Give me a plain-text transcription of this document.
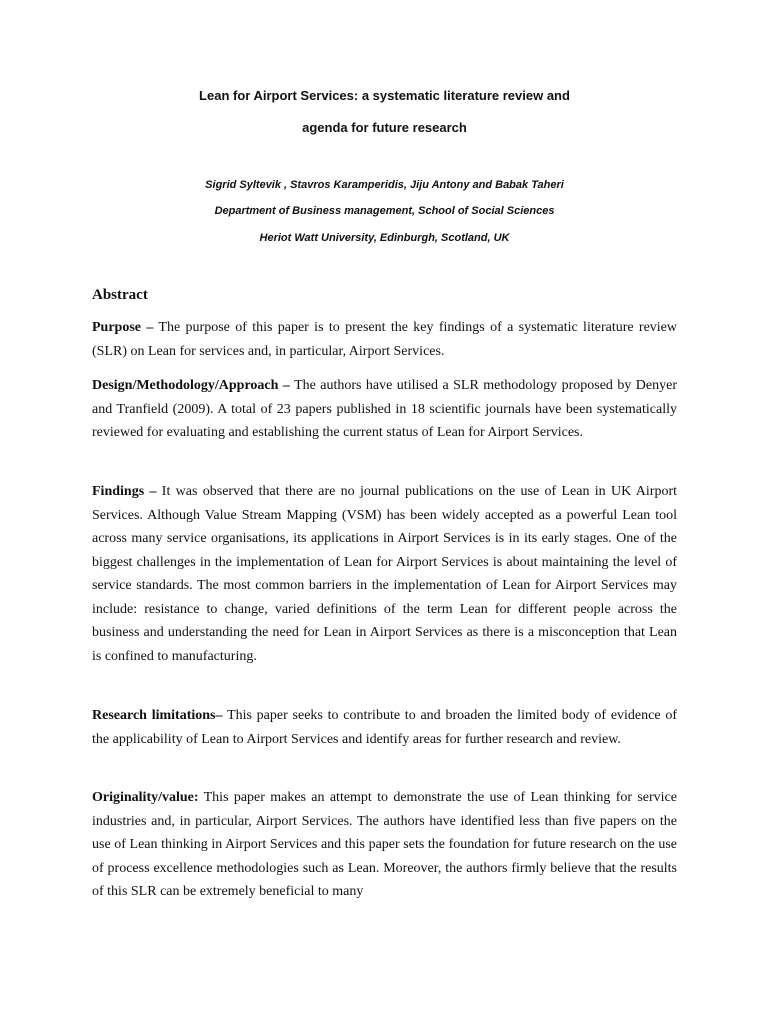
Lean for Airport Services: a systematic literature review and
agenda for future research
Sigrid Syltevik , Stavros Karamperidis, Jiju Antony and Babak Taheri
Department of Business management, School of Social Sciences
Heriot Watt University, Edinburgh, Scotland, UK
Abstract

Purpose – The purpose of this paper is to present the key findings of a systematic literature review (SLR) on Lean for services and, in particular, Airport Services.

Design/Methodology/Approach – The authors have utilised a SLR methodology proposed by Denyer and Tranfield (2009). A total of 23 papers published in 18 scientific journals have been systematically reviewed for evaluating and establishing the current status of Lean for Airport Services.

Findings – It was observed that there are no journal publications on the use of Lean in UK Airport Services. Although Value Stream Mapping (VSM) has been widely accepted as a powerful Lean tool across many service organisations, its applications in Airport Services is in its early stages. One of the biggest challenges in the implementation of Lean for Airport Services is about maintaining the level of service standards. The most common barriers in the implementation of Lean for Airport Services may include: resistance to change, varied definitions of the term Lean for different people across the business and understanding the need for Lean in Airport Services as there is a misconception that Lean is confined to manufacturing.

Research limitations– This paper seeks to contribute to and broaden the limited body of evidence of the applicability of Lean to Airport Services and identify areas for further research and review.

Originality/value: This paper makes an attempt to demonstrate the use of Lean thinking for service industries and, in particular, Airport Services. The authors have identified less than five papers on the use of Lean thinking in Airport Services and this paper sets the foundation for future research on the use of process excellence methodologies such as Lean. Moreover, the authors firmly believe that the results of this SLR can be extremely beneficial to many
